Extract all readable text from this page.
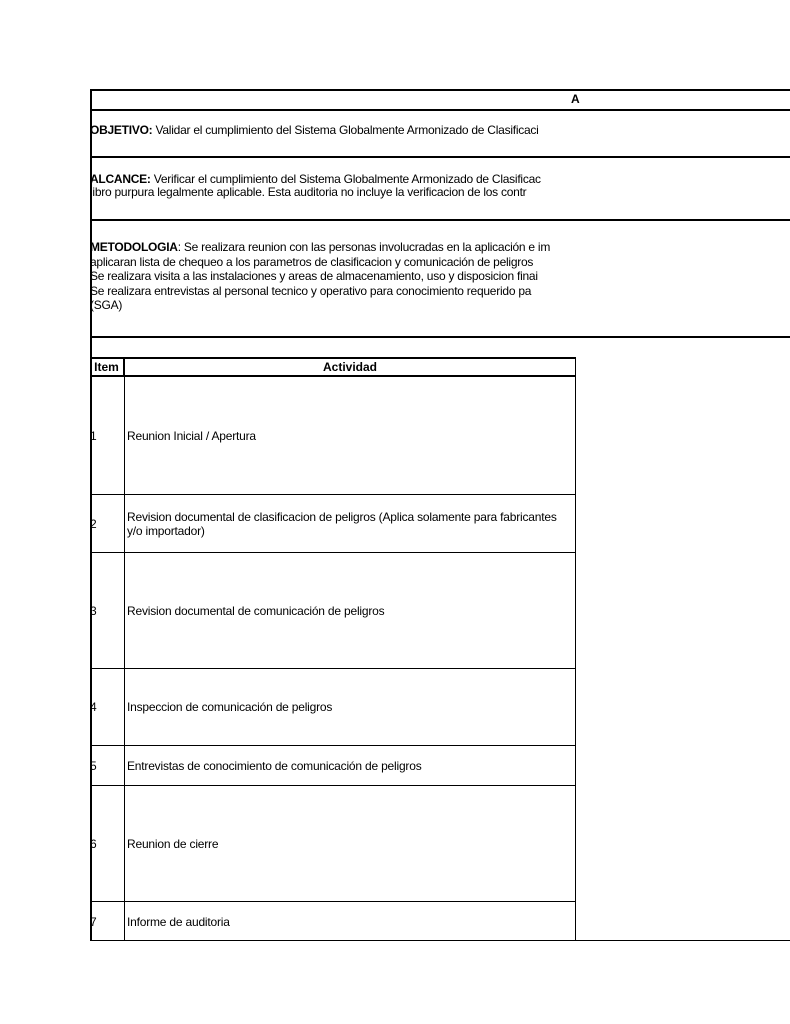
A
OBJETIVO: Validar el cumplimiento del Sistema Globalmente Armonizado de Clasificaci
ALCANCE: Verificar el cumplimiento del Sistema Globalmente Armonizado de Clasificac
libro purpura legalmente aplicable. Esta auditoria no incluye la verificacion de los contr
METODOLOGIA: Se realizara reunion con las personas involucradas en la aplicación e im
aplicaran lista de chequeo a los parametros de clasificacion y comunicación de peligros
Se realizara visita a las instalaciones y areas de almacenamiento, uso y disposicion finai
Se realizara entrevistas al personal tecnico y operativo para conocimiento requerido pa
(SGA)
Item	Actividad
1	Reunion Inicial / Apertura
2	Revision documental de clasificacion de peligros (Aplica solamente para fabricantes y/o importador)
3	Revision documental de comunicación de peligros
4	Inspeccion de comunicación de peligros
5	Entrevistas de conocimiento de comunicación de peligros
6	Reunion de cierre
7	Informe de auditoria
